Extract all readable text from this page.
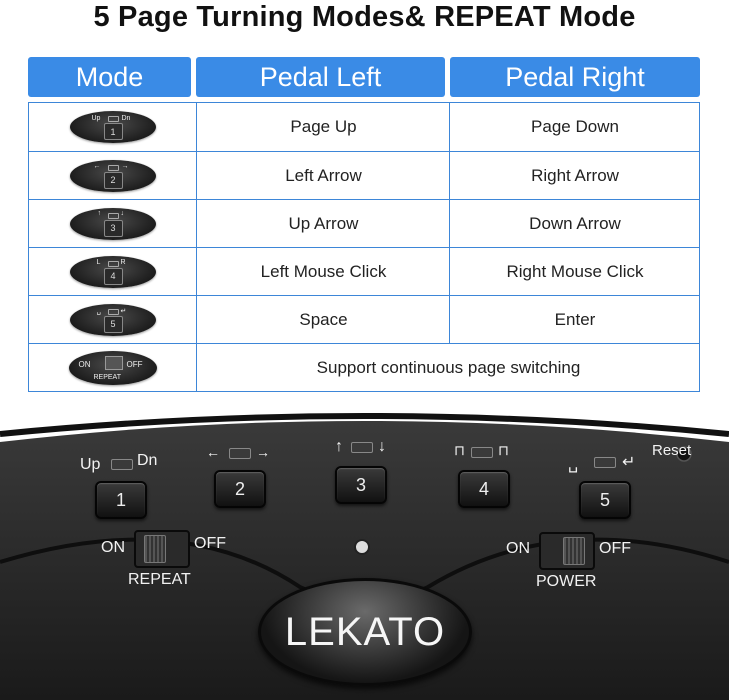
5 Page Turning Modes& REPEAT Mode
Mode	Pedal Left	Pedal Right
Up	Dn
1	Page Up	Page Down
←	→
2	Left Arrow	Right Arrow
↑	↓
3	Up Arrow	Down Arrow
L	R
4	Left Mouse Click	Right Mouse Click
␣	↵
5	Space	Enter
ON	OFF
REPEAT
Support continuous page switching
Up Dn
1
←	→
2
↑ ↓
3
⊓ ⊓
4
␣	↵
5
Reset
ON	OFF
REPEAT
ON	OFF
POWER
LEKATO
